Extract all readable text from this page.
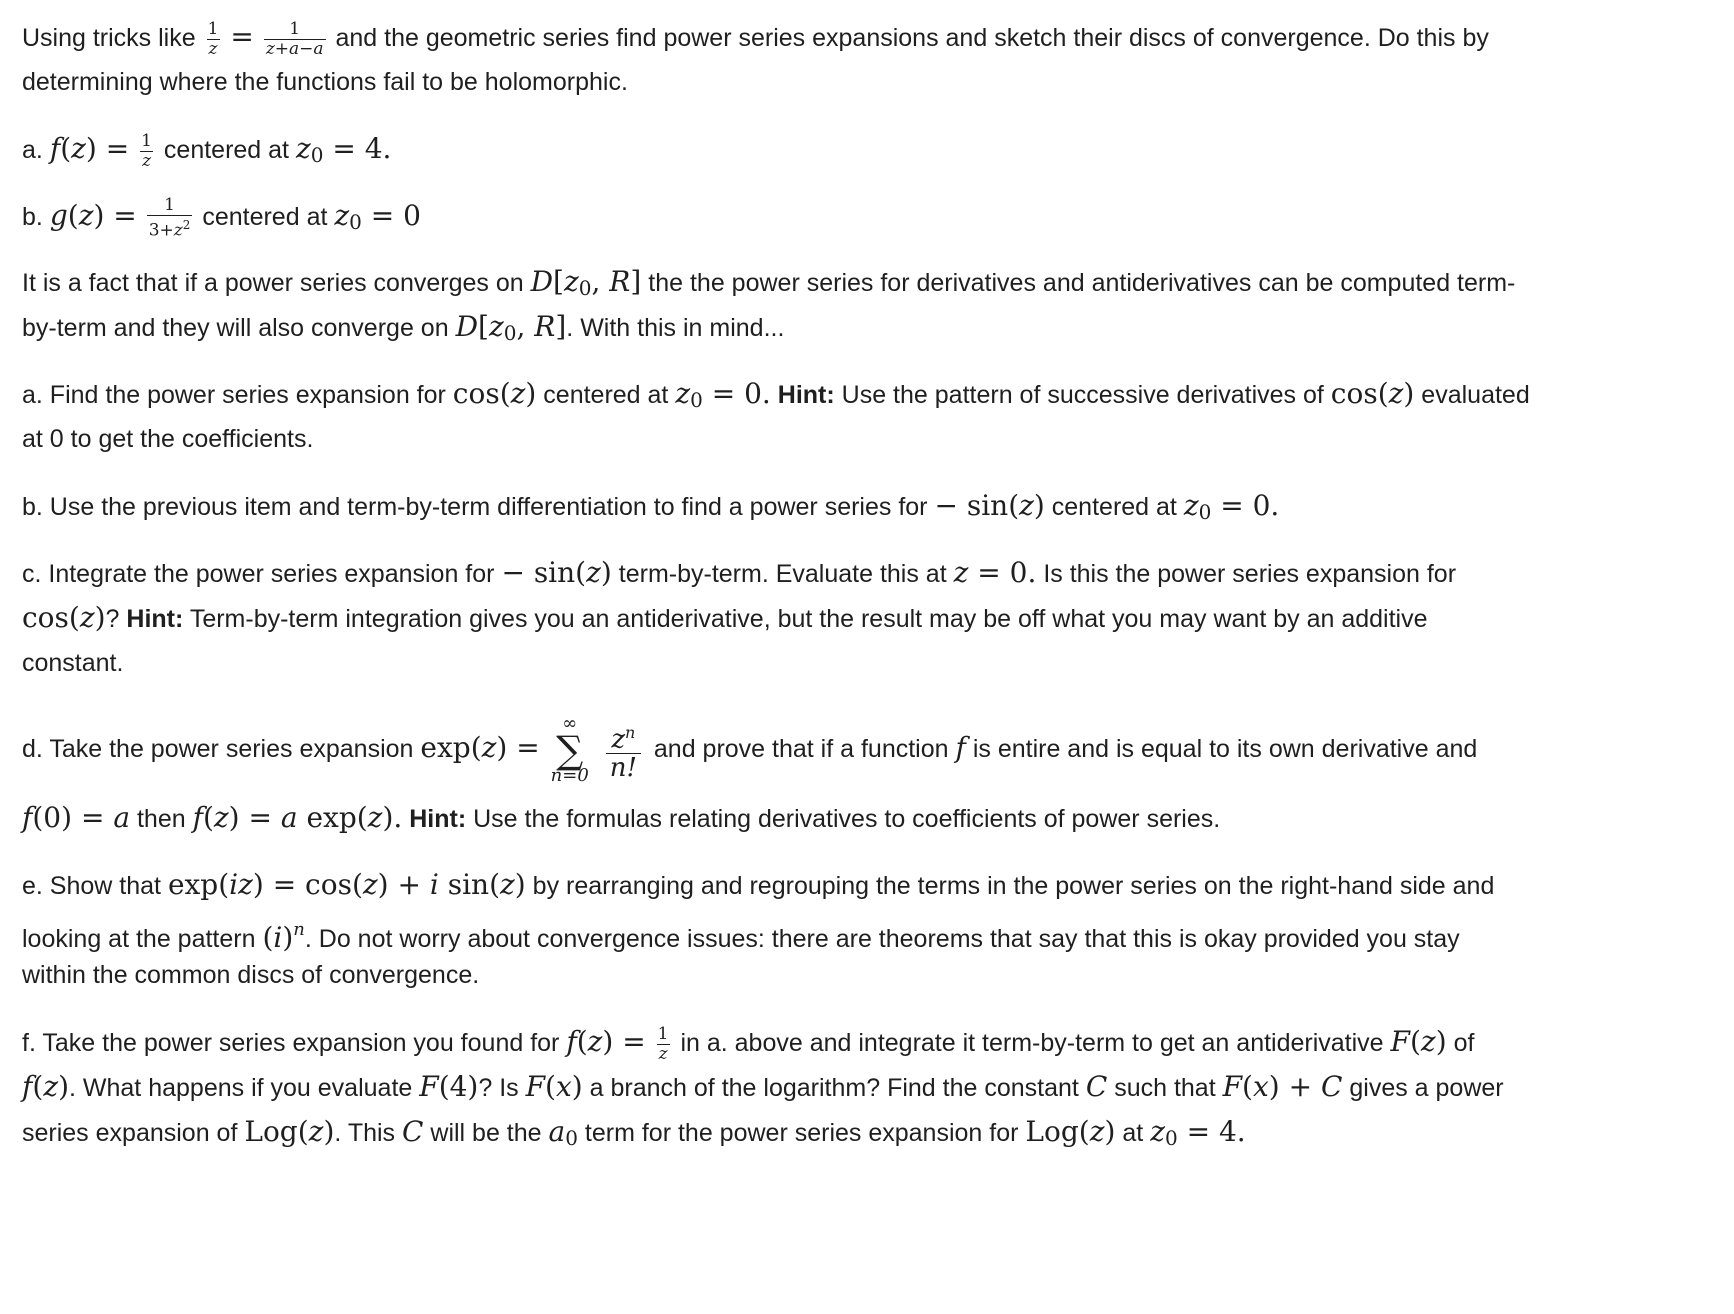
Using tricks like $\frac{1}{z} = \frac{1}{z+a-a}$ and the geometric series find power series expansions and sketch their discs of convergence. Do this by
determining where the functions fail to be holomorphic.
a. $f(z) = \frac{1}{z}$ centered at $z_0 = 4$.
b. $g(z) = \frac{1}{3+z^2}$ centered at $z_0 = 0$
It is a fact that if a power series converges on $D[z_0$, R] the the power series for derivatives and antiderivatives can be computed term-
by-term and they will also converge on $D[z_0$, R]. With this in mind...
a. Find the power series expansion for cos(z) centered at $z_0 = 0$. Hint: Use the pattern of successive derivatives of cos(z) evaluated
at 0 to get the coefficients.
b. Use the previous item and term-by-term differentiation to find a power series for − sin(z) centered at $z_0 = 0$.
c. Integrate the power series expansion for − sin(z) term-by-term. Evaluate this at z = 0. Is this the power series expansion for
cos(z)? Hint: Term-by-term integration gives you an antiderivative, but the result may be off what you may want by an additive
constant.
d. Take the power series expansion exp(z) =
∞
∑
n=0
$\frac{z^n}{n!}$ and prove that if a function f is entire and is equal to its own derivative and
f(0) = a then f(z) = a exp(z). Hint: Use the formulas relating derivatives to coefficients of power series.
e. Show that exp(iz) = cos(z) + i sin(z) by rearranging and regrouping the terms in the power series on the right-hand side and
looking at the pattern $(i)^n$. Do not worry about convergence issues: there are theorems that say that this is okay provided you stay
within the common discs of convergence.
f. Take the power series expansion you found for $f(z) = \frac{1}{z}$ in a. above and integrate it term-by-term to get an antiderivative F(z) of
f(z). What happens if you evaluate F(4)? Is F(x) a branch of the logarithm? Find the constant C such that F(x) + C gives a power
series expansion of Log(z). This C will be the $a_0$ term for the power series expansion for Log(z) at $z_0 = 4$.
